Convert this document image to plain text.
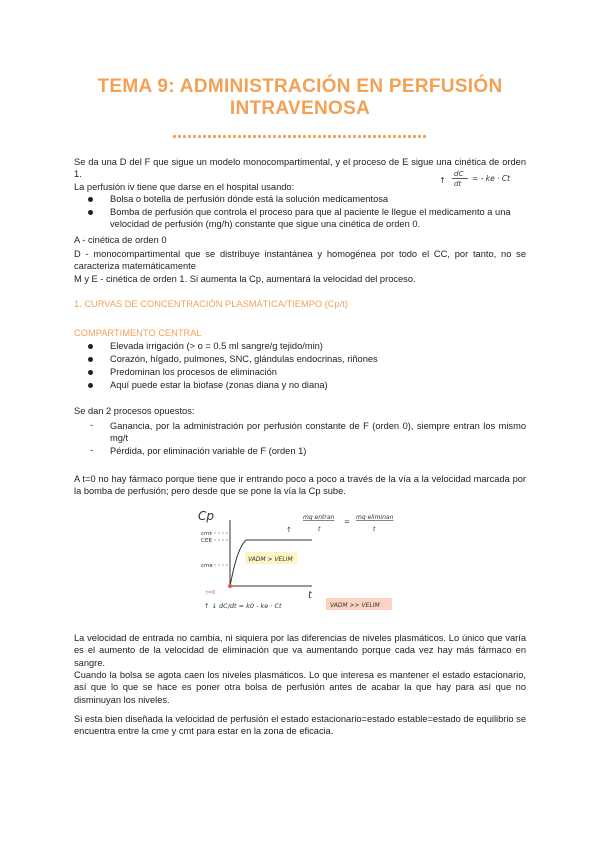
TEMA 9: ADMINISTRACIÓN EN PERFUSIÓN
INTRAVENOSA
Se da una D del F que sigue un modelo monocompartimental, y el proceso de E sigue una cinética de orden 1.
↑
dC
dt
= - ke · Ct
La perfusión iv tiene que darse en el hospital usando:
Bolsa o botella de perfusión dónde está la solución medicamentosa
Bomba de perfusión que controla el proceso para que al paciente le llegue el medicamento a una velocidad de perfusión (mg/h) constante que sigue una cinética de orden 0.
A - cinética de orden 0
D - monocompartimental que se distribuye instantánea y homogénea por todo el CC, por tanto, no se caracteriza matemáticamente
M y E - cinética de orden 1. Si aumenta la Cp, aumentará la velocidad del proceso.
1. CURVAS DE CONCENTRACIÓN PLASMÁTICA/TIEMPO (Cp/t)
COMPARTIMENTO CENTRAL
Elevada irrigación (> o = 0.5 ml sangre/g tejido/min)
Corazón, hígado, pulmones, SNC, glándulas endocrinas, riñones
Predominan los procesos de eliminación
Aquí puede estar la biofase (zonas diana y no diana)
Se dan 2 procesos opuestos:
- Ganancia, por la administración por perfusión constante de F (orden 0), siempre entran los mismo mg/t
- Pérdida, por eliminación variable de F (orden 1)
A t=0 no hay fármaco porque tiene que ir entrando poco a poco a través de la vía a la velocidad marcada por la bomba de perfusión; pero desde que se pone la vía la Cp sube.
Cp
t
cmt
CEE
cme
t=0
VADM > VELIM
↑
mg entran
t
=
mg eliminan
t
↑ ↓ dC/dt = k0 - ke · Ct	VADM >> VELIM
La velocidad de entrada no cambia, ni siquiera por las diferencias de niveles plasmáticos. Lo único que varía es el aumento de la velocidad de eliminación que va aumentando porque cada vez hay más fármaco en sangre.
Cuando la bolsa se agota caen los niveles plasmáticos. Lo que interesa es mantener el estado estacionario, así que lo que se hace es poner otra bolsa de perfusión antes de acabar la que hay para así que no disminuyan los niveles.
Si esta bien diseñada la velocidad de perfusión el estado estacionario=estado estable=estado de equilibrio se encuentra entre la cme y cmt para estar en la zona de eficacia.
